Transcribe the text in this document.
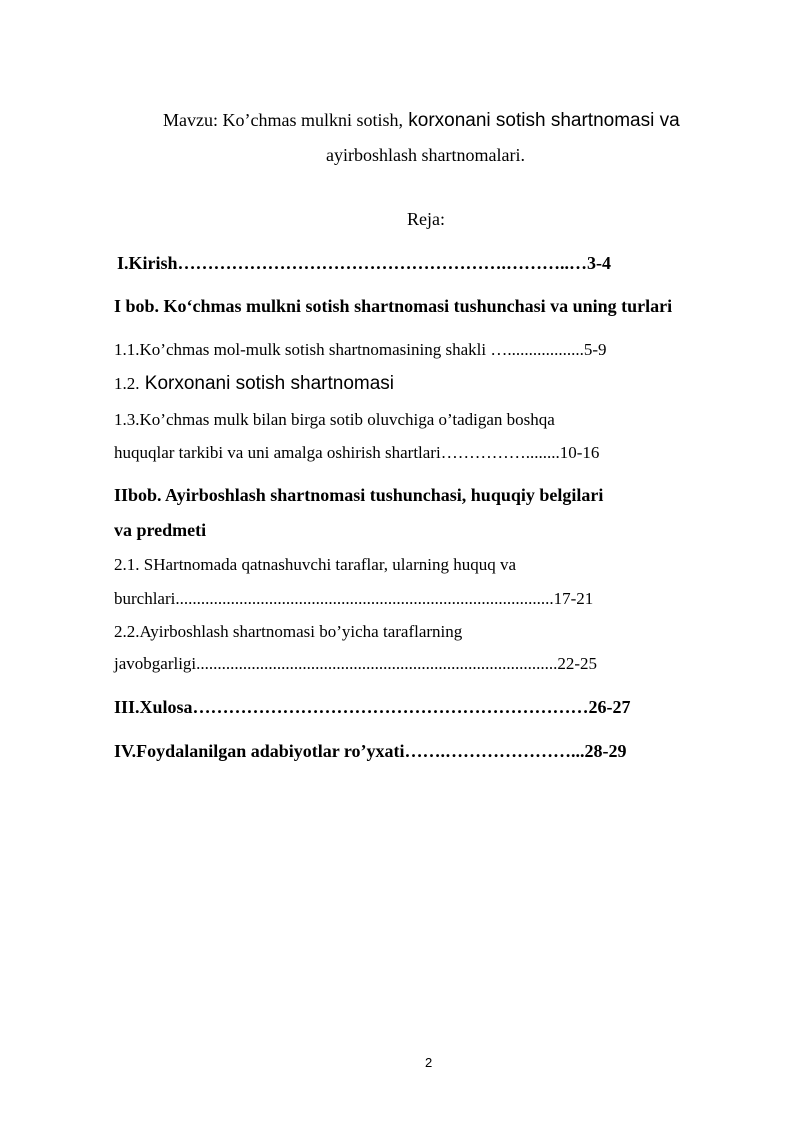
Mavzu: Ko’chmas mulkni sotish, korxonani sotish shartnomasi va
ayirboshlash shartnomalari.
Reja:
I.Kirish……………………………………………….………..…3-4
I bob. Ko‘chmas mulkni sotish shartnomasi tushunchasi va uning turlari
1.1.Ko’chmas mol-mulk sotish shartnomasining shakli …..................5-9
1.2. Korxonani sotish shartnomasi
1.3.Ko’chmas mulk bilan birga sotib oluvchiga o’tadigan boshqa
huquqlar tarkibi va uni amalga oshirish shartlari……………........10-16
IIbob. Ayirboshlash shartnomasi tushunchasi, huquqiy belgilari
va predmeti
2.1. SHartnomada qatnashuvchi taraflar, ularning huquq va
burchlari.........................................................................................17-21
2.2.Ayirboshlash shartnomasi bo’yicha taraflarning
javobgarligi.....................................................................................22-25
III.Xulosa…………………………………………………………26-27
IV.Foydalanilgan adabiyotlar ro’yxati…….…………………...28-29
2
